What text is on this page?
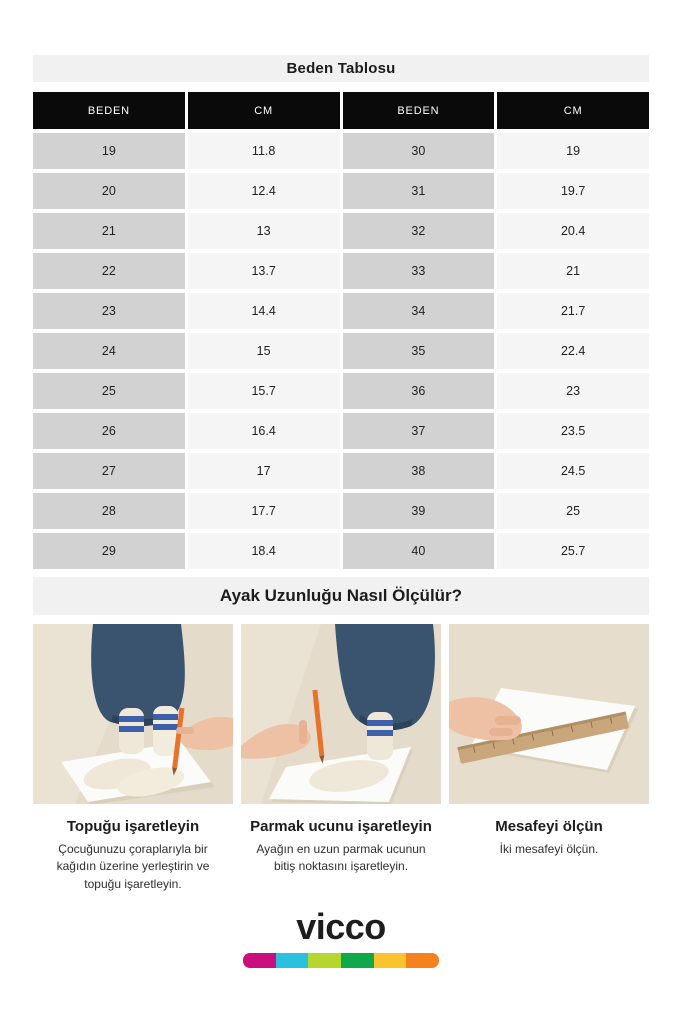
Beden Tablosu
BEDEN	CM	BEDEN	CM
19	11.8	30	19
20	12.4	31	19.7
21	13	32	20.4
22	13.7	33	21
23	14.4	34	21.7
24	15	35	22.4
25	15.7	36	23
26	16.4	37	23.5
27	17	38	24.5
28	17.7	39	25
29	18.4	40	25.7
Ayak Uzunluğu Nasıl Ölçülür?
Topuğu işaretleyin
Çocuğunuzu çoraplarıyla bir kağıdın üzerine yerleştirin ve topuğu işaretleyin.
Parmak ucunu işaretleyin
Ayağın en uzun parmak ucunun bitiş noktasını işaretleyin.
Mesafeyi ölçün
İki mesafeyi ölçün.
vicco
